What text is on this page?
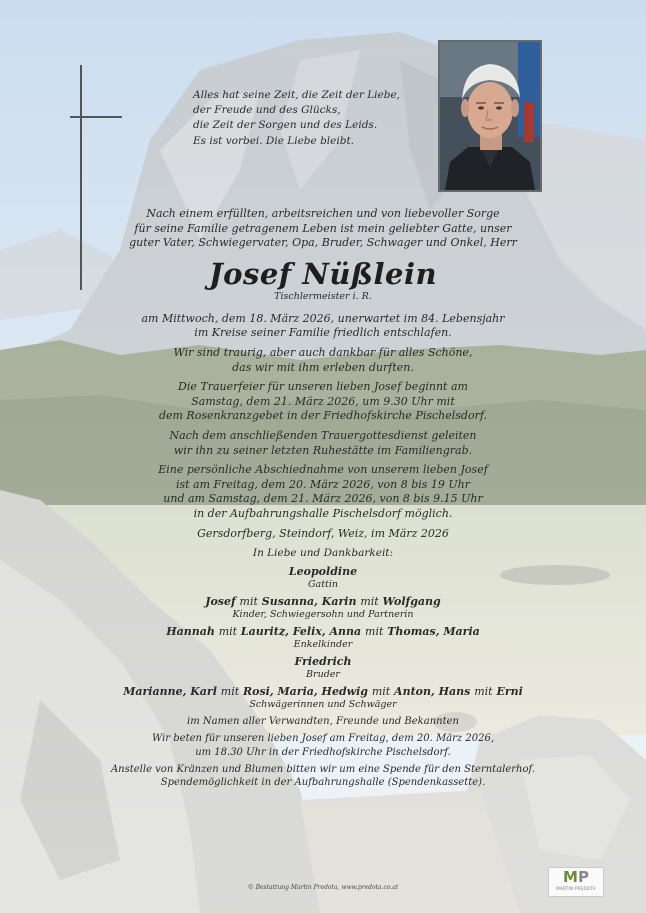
Alles hat seine Zeit, die Zeit der Liebe,
der Freude und des Glücks,
die Zeit der Sorgen und des Leids.
Es ist vorbei. Die Liebe bleibt.
Nach einem erfüllten, arbeitsreichen und von liebevoller Sorge
für seine Familie getragenem Leben ist mein geliebter Gatte, unser
guter Vater, Schwiegervater, Opa, Bruder, Schwager und Onkel, Herr
Josef Nüßlein
Tischlermeister i. R.
am Mittwoch, dem 18. März 2026, unerwartet im 84. Lebensjahr
im Kreise seiner Familie friedlich entschlafen.
Wir sind traurig, aber auch dankbar für alles Schöne,
das wir mit ihm erleben durften.
Die Trauerfeier für unseren lieben Josef beginnt am
Samstag, dem 21. März 2026, um 9.30 Uhr mit
dem Rosenkranzgebet in der Friedhofskirche Pischelsdorf.
Nach dem anschließenden Trauergottesdienst geleiten
wir ihn zu seiner letzten Ruhestätte im Familiengrab.
Eine persönliche Abschiednahme von unserem lieben Josef
ist am Freitag, dem 20. März 2026, von 8 bis 19 Uhr
und am Samstag, dem 21. März 2026, von 8 bis 9.15 Uhr
in der Aufbahrungshalle Pischelsdorf möglich.
Gersdorfberg, Steindorf, Weiz, im März 2026
In Liebe und Dankbarkeit:
Leopoldine
Gattin
Josef mit Susanna, Karin mit Wolfgang
Kinder, Schwiegersohn und Partnerin
Hannah mit Lauritz, Felix, Anna mit Thomas, Maria
Enkelkinder
Friedrich
Bruder
Marianne, Karl mit Rosi, Maria, Hedwig mit Anton, Hans mit Erni
Schwägerinnen und Schwäger
im Namen aller Verwandten, Freunde und Bekannten
Wir beten für unseren lieben Josef am Freitag, dem 20. März 2026,
um 18.30 Uhr in der Friedhofskirche Pischelsdorf.
Anstelle von Kränzen und Blumen bitten wir um eine Spende für den Sterntalerhof.
Spendemöglichkeit in der Aufbahrungshalle (Spendenkassette).
© Bestattung Martin Predota, www.predota.co.at
MP
MARTIN PREDOTA
